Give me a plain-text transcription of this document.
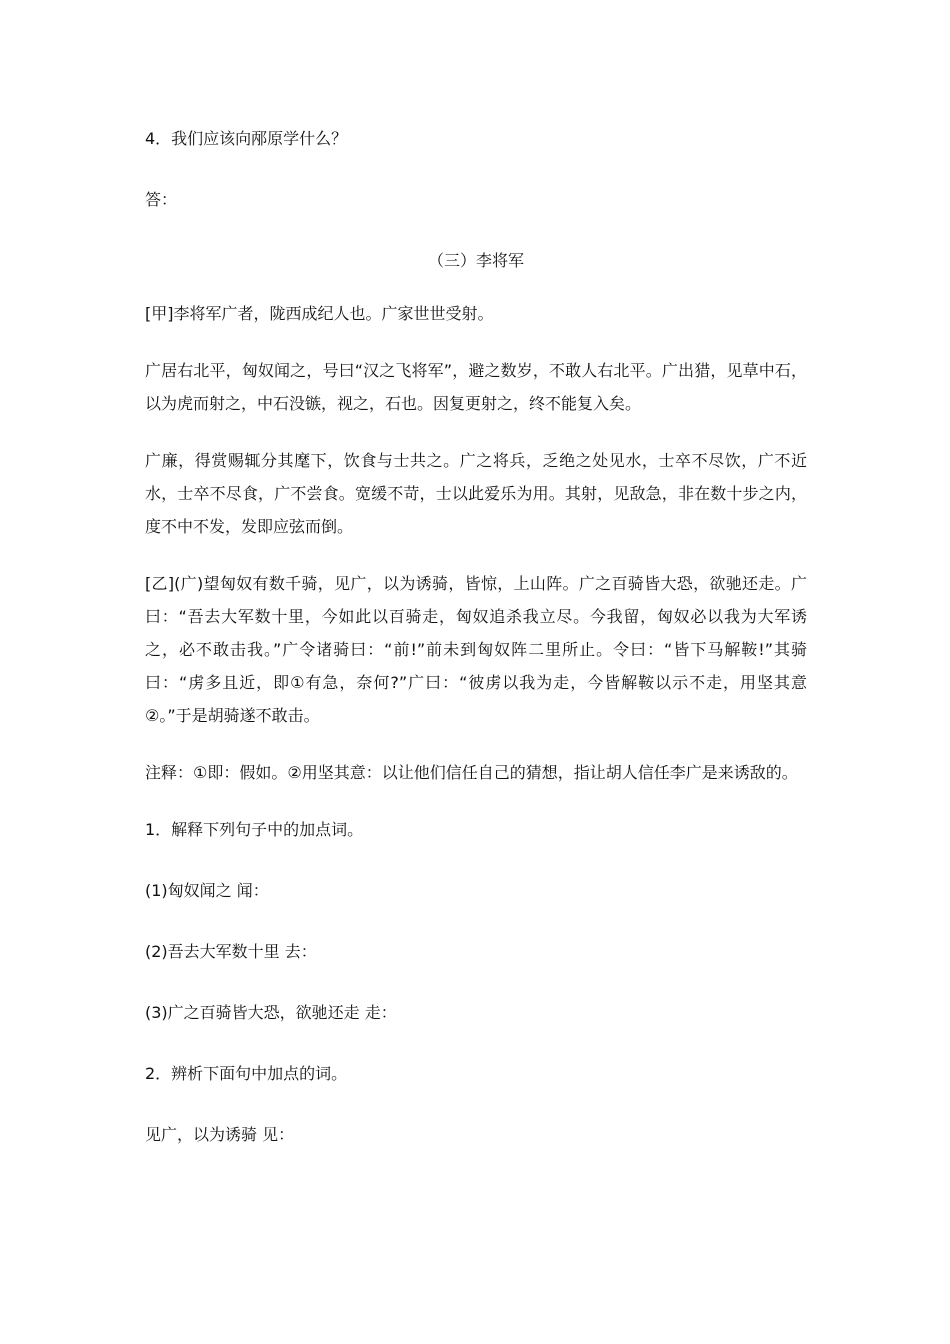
4．我们应该向邴原学什么？

答：

（三）李将军

[甲]李将军广者，陇西成纪人也。广家世世受射。

广居右北平，匈奴闻之，号曰“汉之飞将军”，避之数岁，不敢人右北平。广出猎，见草中石，以为虎而射之，中石没镞，视之，石也。因复更射之，终不能复入矣。

广廉，得赏赐辄分其麾下，饮食与士共之。广之将兵，乏绝之处见水，士卒不尽饮，广不近水，士卒不尽食，广不尝食。宽缓不苛，士以此爱乐为用。其射，见敌急，非在数十步之内，度不中不发，发即应弦而倒。

[乙](广)望匈奴有数千骑，见广，以为诱骑，皆惊，上山阵。广之百骑皆大恐，欲驰还走。广曰：“吾去大军数十里，今如此以百骑走，匈奴追杀我立尽。今我留，匈奴必以我为大军诱之，必不敢击我。”广令诸骑曰：“前!”前未到匈奴阵二里所止。令曰：“皆下马解鞍!”其骑曰：“虏多且近，即①有急，奈何?”广曰：“彼虏以我为走，今皆解鞍以示不走，用坚其意②。”于是胡骑遂不敢击。

注释：①即：假如。②用坚其意：以让他们信任自己的猜想，指让胡人信任李广是来诱敌的。

1．解释下列句子中的加点词。

(1)匈奴闻之 闻：

(2)吾去大军数十里 去：

(3)广之百骑皆大恐，欲驰还走 走：

2．辨析下面句中加点的词。

见广，以为诱骑 见：
